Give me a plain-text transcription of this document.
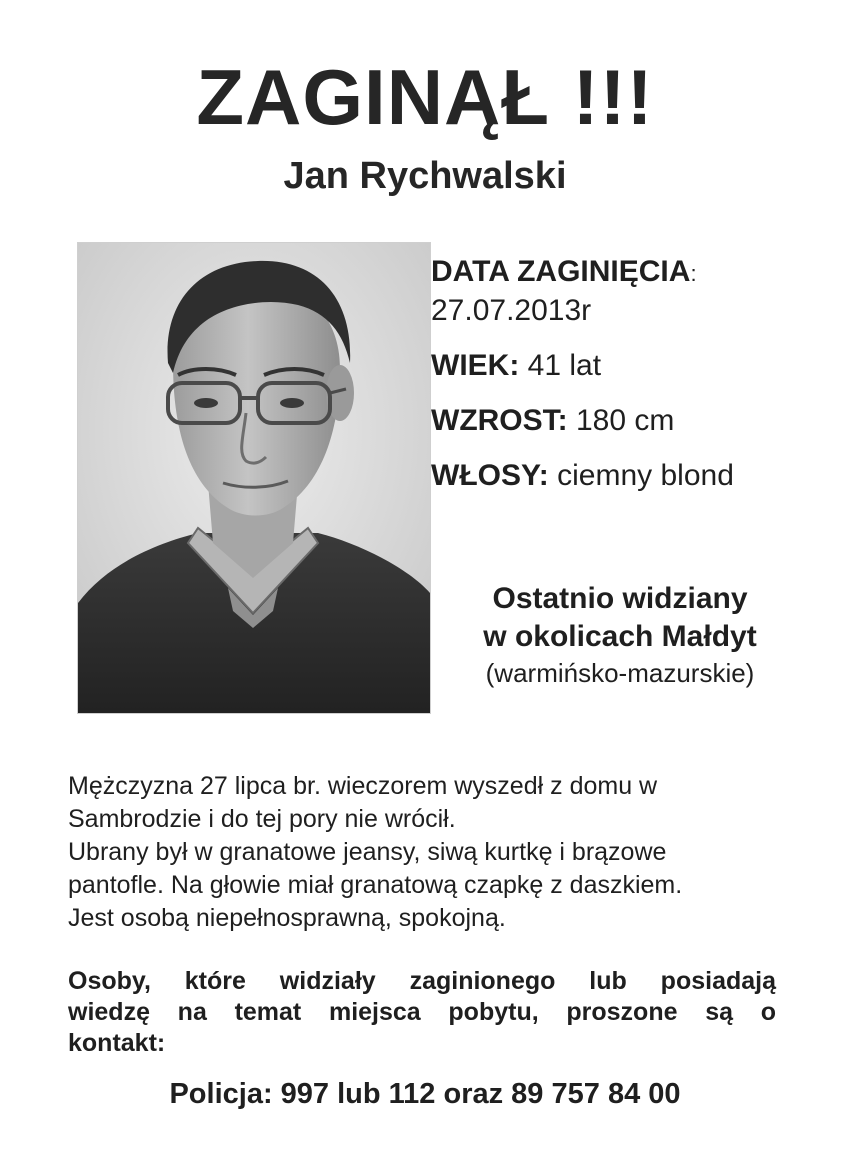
ZAGINĄŁ !!!
Jan Rychwalski

DATA ZAGINIĘCIA:

27.07.2013r

WIEK: 41 lat

WZROST: 180 cm

WŁOSY: ciemny blond

Ostatnio widziany
w okolicach Małdyt
(warmińsko-mazurskie)
Mężczyzna 27 lipca br. wieczorem wyszedł z domu w
Sambrodzie i do tej pory nie wrócił.
Ubrany był w granatowe jeansy, siwą kurtkę i brązowe
pantofle. Na głowie miał granatową czapkę z daszkiem.
Jest osobą niepełnosprawną, spokojną.
Osoby, które widziały zaginionego lub posiadają
wiedzę na temat miejsca pobytu, proszone są o
kontakt:
Policja: 997 lub 112 oraz 89 757 84 00
